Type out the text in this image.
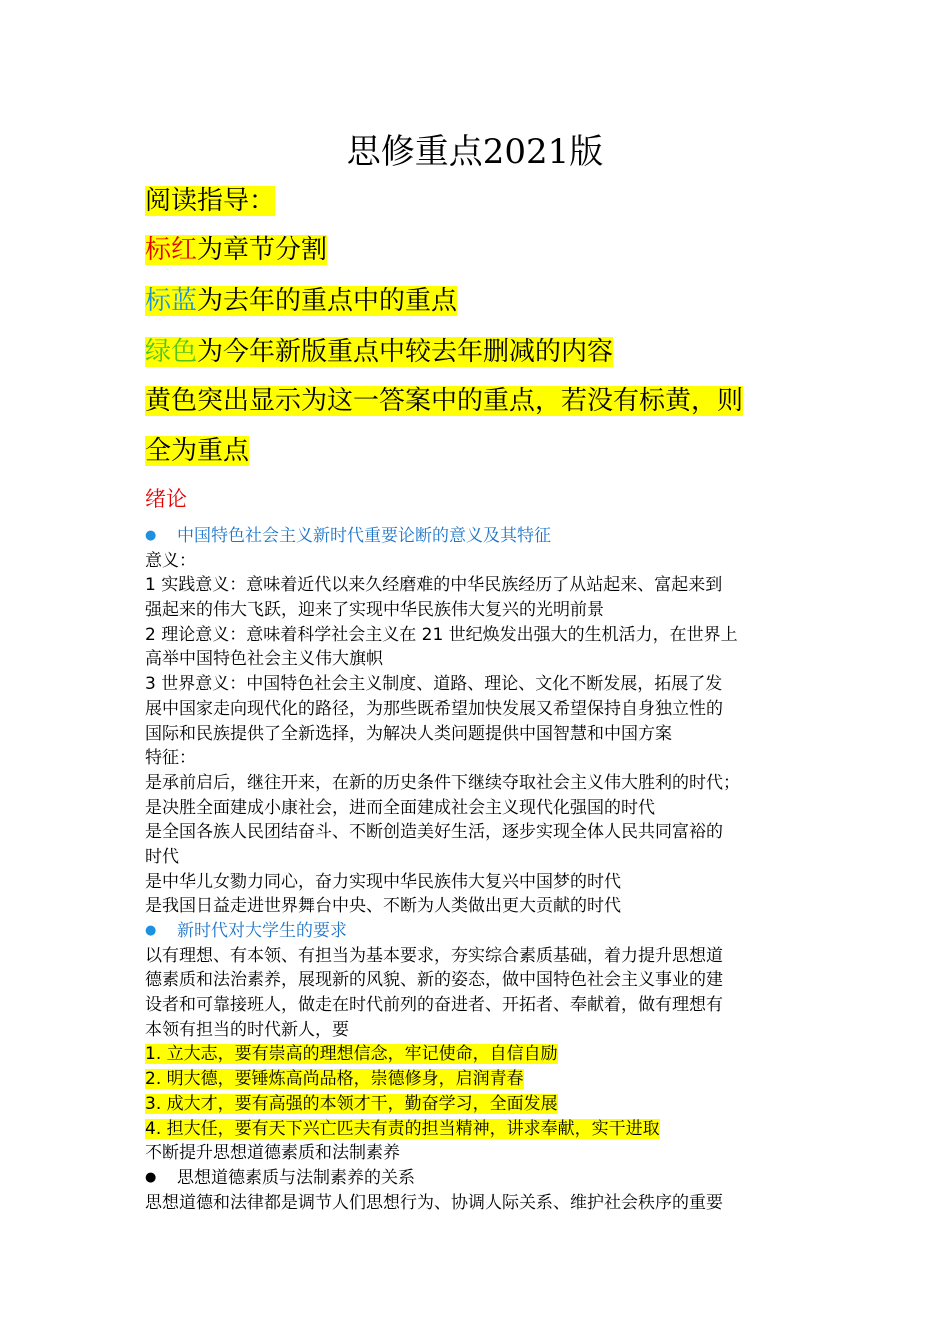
思修重点2021版
阅读指导：
标红为章节分割
标蓝为去年的重点中的重点
绿色为今年新版重点中较去年删减的内容
黄色突出显示为这一答案中的重点，若没有标黄，则
全为重点
绪论
● 中国特色社会主义新时代重要论断的意义及其特征
意义：
1 实践意义：意味着近代以来久经磨难的中华民族经历了从站起来、富起来到
强起来的伟大飞跃，迎来了实现中华民族伟大复兴的光明前景
2 理论意义：意味着科学社会主义在 21 世纪焕发出强大的生机活力，在世界上
高举中国特色社会主义伟大旗帜
3 世界意义：中国特色社会主义制度、道路、理论、文化不断发展，拓展了发
展中国家走向现代化的路径，为那些既希望加快发展又希望保持自身独立性的
国际和民族提供了全新选择，为解决人类问题提供中国智慧和中国方案
特征：
是承前启后，继往开来，在新的历史条件下继续夺取社会主义伟大胜利的时代；
是决胜全面建成小康社会，进而全面建成社会主义现代化强国的时代
是全国各族人民团结奋斗、不断创造美好生活，逐步实现全体人民共同富裕的
时代
是中华儿女勠力同心，奋力实现中华民族伟大复兴中国梦的时代
是我国日益走进世界舞台中央、不断为人类做出更大贡献的时代
● 新时代对大学生的要求
以有理想、有本领、有担当为基本要求，夯实综合素质基础，着力提升思想道
德素质和法治素养，展现新的风貌、新的姿态，做中国特色社会主义事业的建
设者和可靠接班人，做走在时代前列的奋进者、开拓者、奉献着，做有理想有
本领有担当的时代新人，要
1. 立大志，要有崇高的理想信念，牢记使命，自信自励
2. 明大德，要锤炼高尚品格，崇德修身，启润青春
3. 成大才，要有高强的本领才干，勤奋学习，全面发展
4. 担大任，要有天下兴亡匹夫有责的担当精神，讲求奉献，实干进取
不断提升思想道德素质和法制素养
● 思想道德素质与法制素养的关系
思想道德和法律都是调节人们思想行为、协调人际关系、维护社会秩序的重要
